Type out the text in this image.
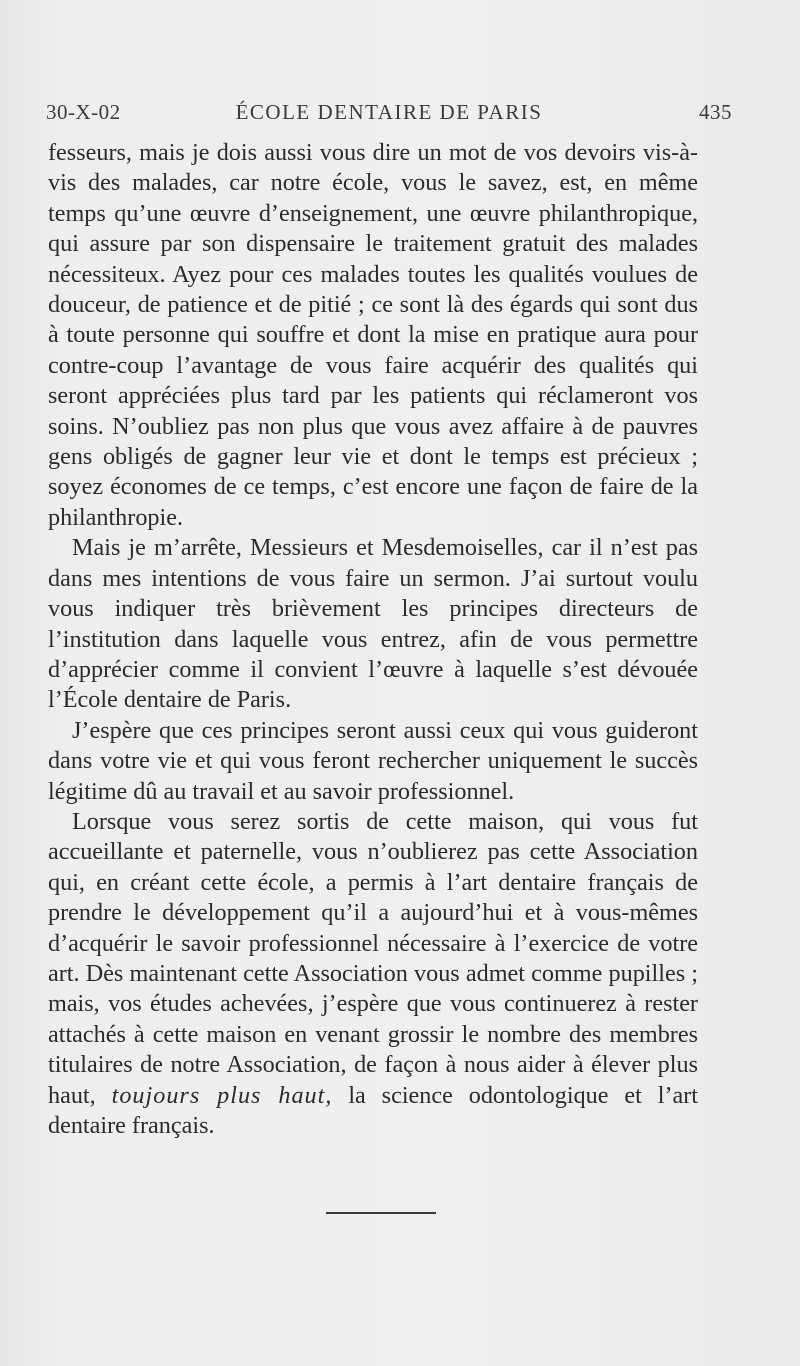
30-X-02	ÉCOLE DENTAIRE DE PARIS	435

fesseurs, mais je dois aussi vous dire un mot de vos devoirs vis-à-vis des malades, car notre école, vous le savez, est, en même temps qu’une œuvre d’enseignement, une œuvre philanthropique, qui assure par son dispensaire le traitement gratuit des malades nécessiteux. Ayez pour ces malades toutes les qualités voulues de douceur, de patience et de pitié ; ce sont là des égards qui sont dus à toute personne qui souffre et dont la mise en pratique aura pour contre-coup l’avantage de vous faire acquérir des qualités qui seront appréciées plus tard par les patients qui réclameront vos soins. N’oubliez pas non plus que vous avez affaire à de pauvres gens obligés de gagner leur vie et dont le temps est précieux ; soyez économes de ce temps, c’est encore une façon de faire de la philanthropie.

Mais je m’arrête, Messieurs et Mesdemoiselles, car il n’est pas dans mes intentions de vous faire un sermon. J’ai surtout voulu vous indiquer très brièvement les principes directeurs de l’institution dans laquelle vous entrez, afin de vous permettre d’apprécier comme il convient l’œuvre à laquelle s’est dévouée l’École dentaire de Paris.

J’espère que ces principes seront aussi ceux qui vous guideront dans votre vie et qui vous feront rechercher uniquement le succès légitime dû au travail et au savoir professionnel.

Lorsque vous serez sortis de cette maison, qui vous fut accueillante et paternelle, vous n’oublierez pas cette Association qui, en créant cette école, a permis à l’art dentaire français de prendre le développement qu’il a aujourd’hui et à vous-mêmes d’acquérir le savoir professionnel nécessaire à l’exercice de votre art. Dès maintenant cette Association vous admet comme pupilles ; mais, vos études achevées, j’espère que vous continuerez à rester attachés à cette maison en venant grossir le nombre des membres titulaires de notre Association, de façon à nous aider à élever plus haut, toujours plus haut, la science odontologique et l’art dentaire français.
